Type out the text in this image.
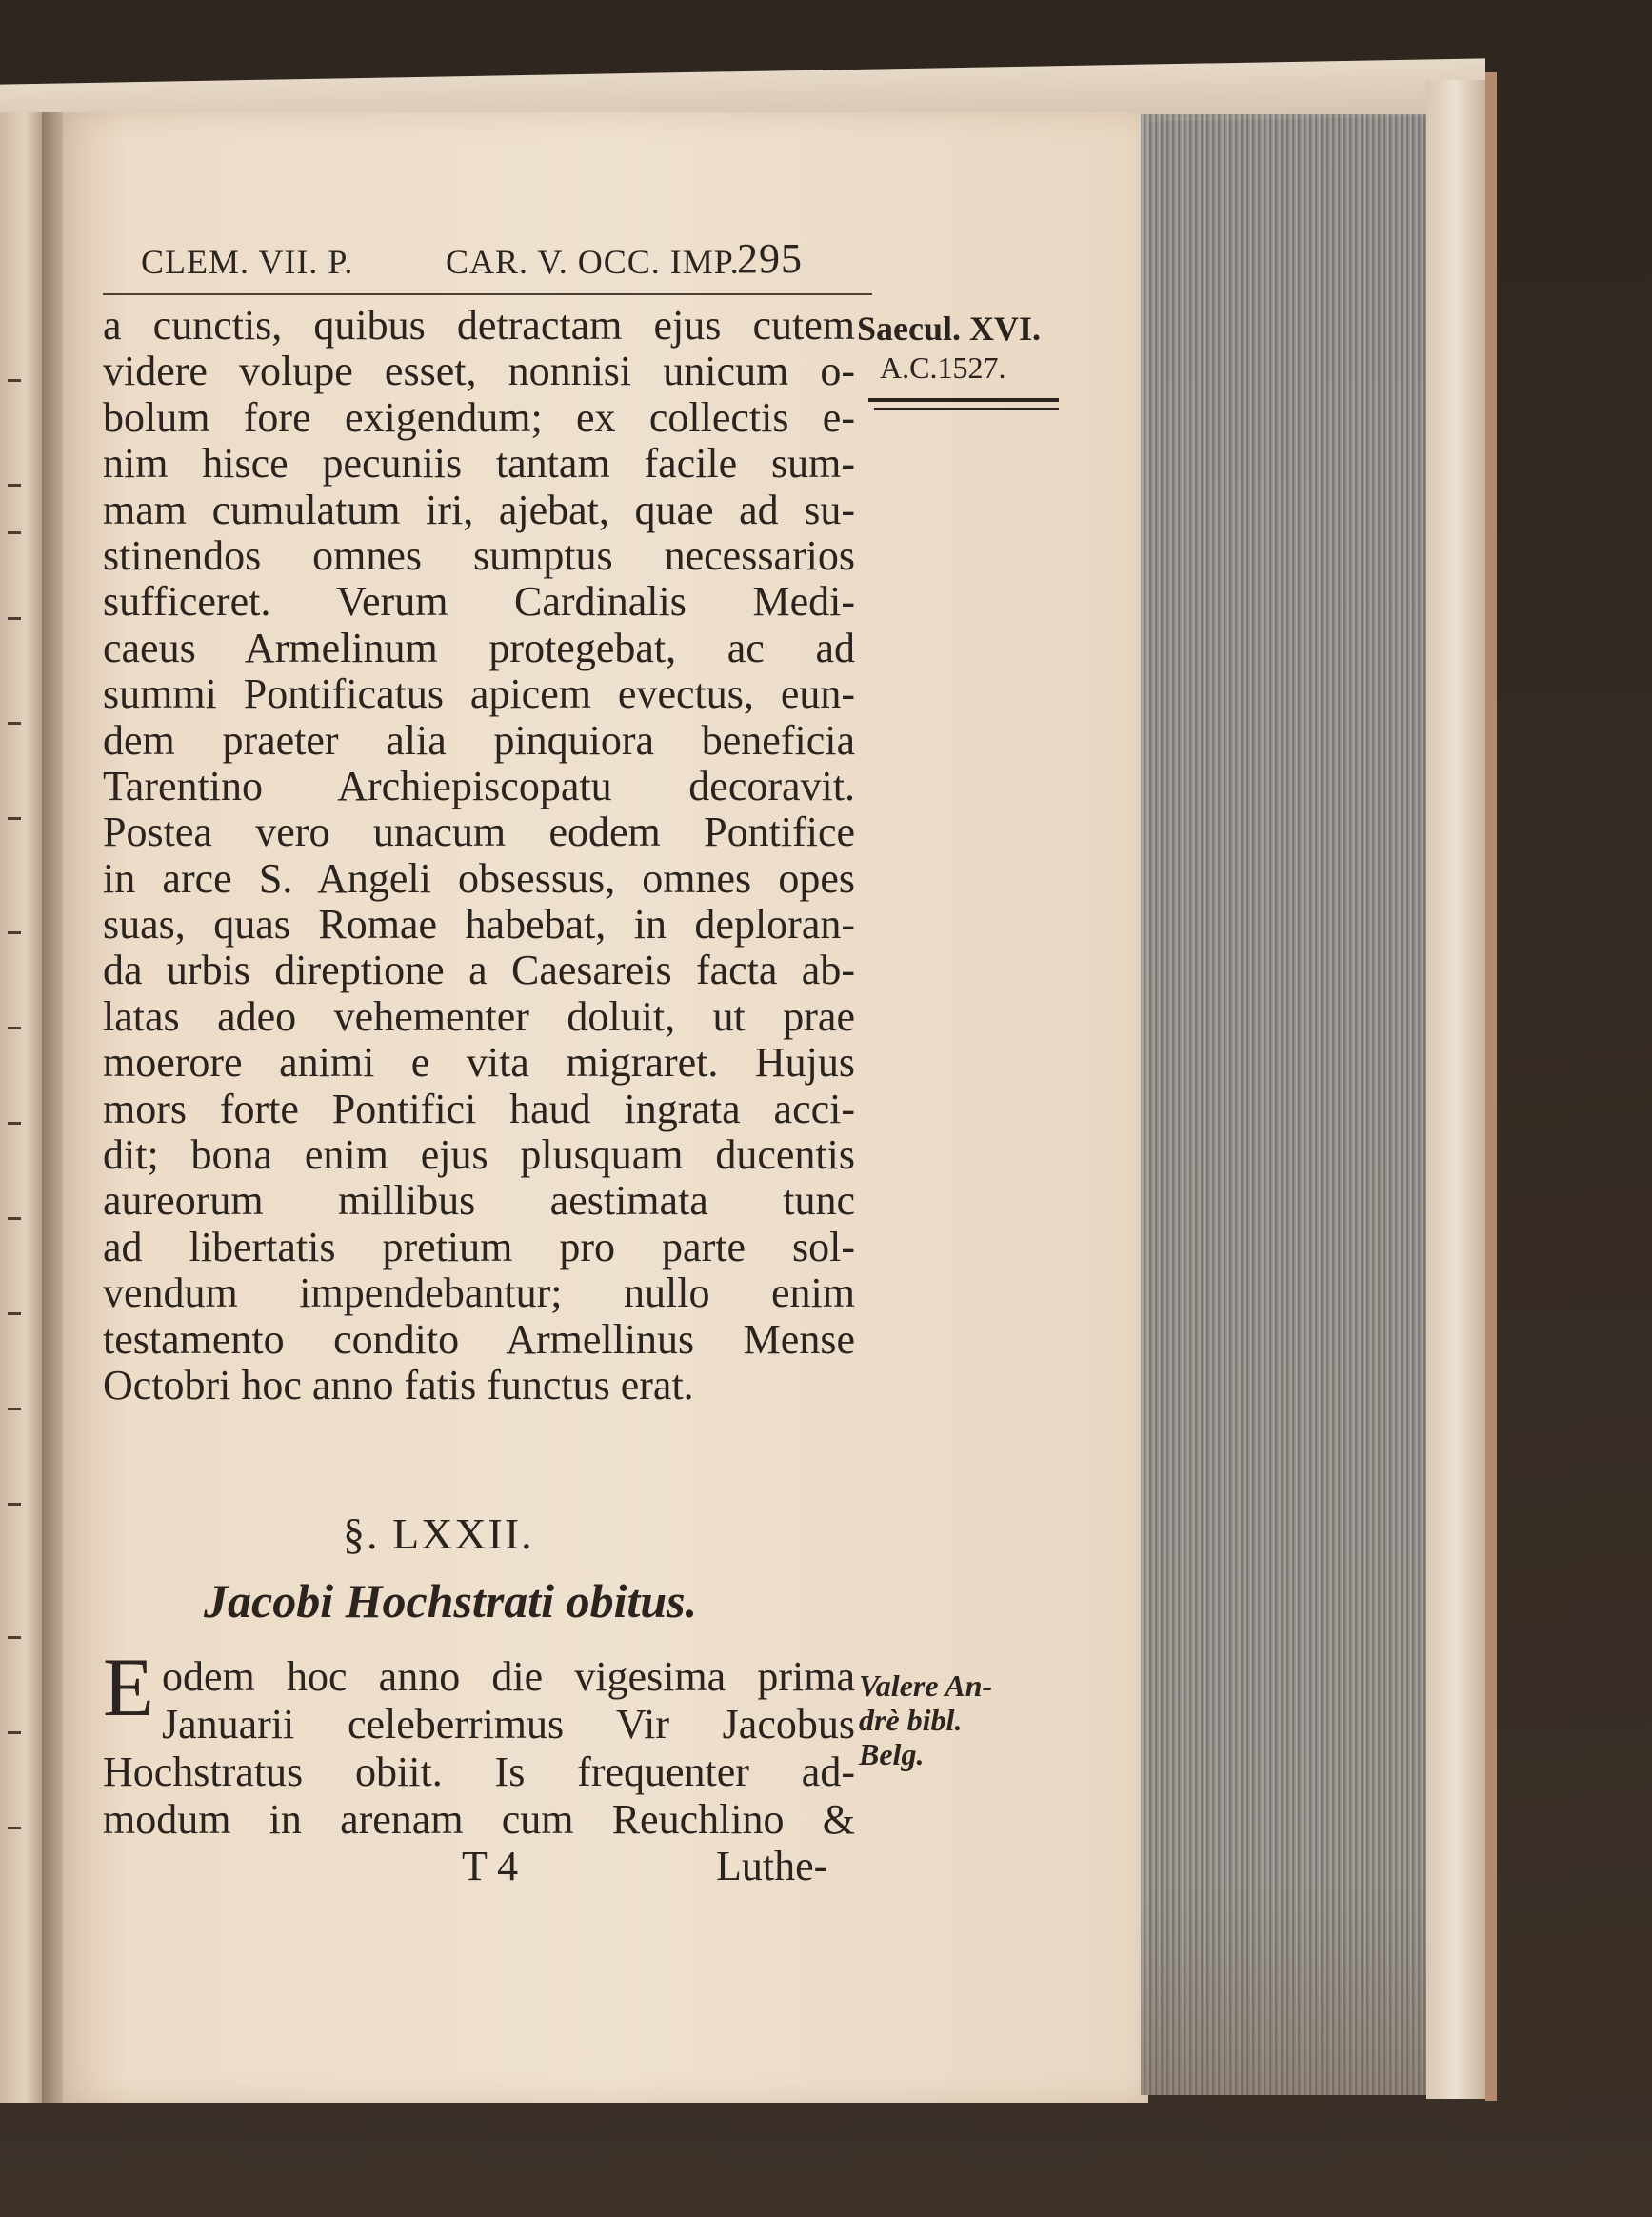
CLEM. VII. P.	CAR. V. OCC. IMP.
295
a cunctis, quibus detractam ejus cutem
videre volupe esset, nonnisi unicum o-
bolum fore exigendum; ex collectis e-
nim hisce pecuniis tantam facile sum-
mam cumulatum iri, ajebat, quae ad su-
stinendos omnes sumptus necessarios
sufficeret. Verum Cardinalis Medi-
caeus Armelinum protegebat, ac ad
summi Pontificatus apicem evectus, eun-
dem praeter alia pinquiora beneficia
Tarentino Archiepiscopatu decoravit.
Postea vero unacum eodem Pontifice
in arce S. Angeli obsessus, omnes opes
suas, quas Romae habebat, in deploran-
da urbis direptione a Caesareis facta ab-
latas adeo vehementer doluit, ut prae
moerore animi e vita migraret. Hujus
mors forte Pontifici haud ingrata acci-
dit; bona enim ejus plusquam ducentis
aureorum millibus aestimata tunc
ad libertatis pretium pro parte sol-
vendum impendebantur; nullo enim
testamento condito Armellinus Mense
Octobri hoc anno fatis functus erat.
Saecul. XVI.
A.C.1527.
§. LXXII.
Jacobi Hochstrati obitus.
E odem hoc anno die vigesima prima
Januarii celeberrimus Vir Jacobus
Hochstratus obiit. Is frequenter ad-
modum in arenam cum Reuchlino &
Valere An-
drè bibl.
Belg.
T 4	Luthe-
